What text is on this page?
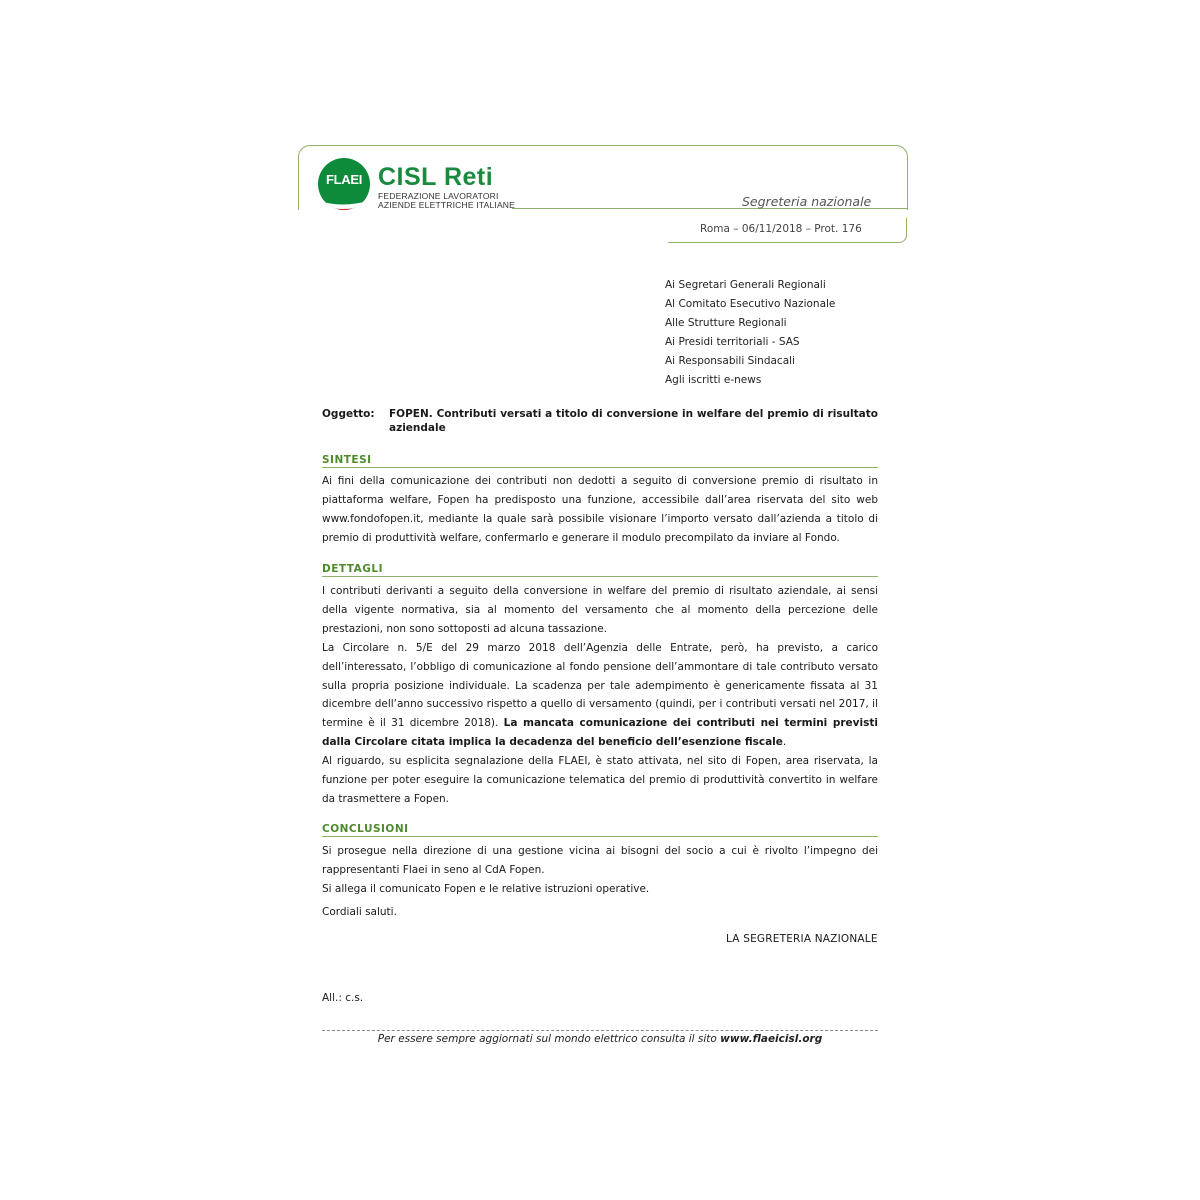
FLAEI CISL Reti
FEDERAZIONE LAVORATORI
AZIENDE ELETTRICHE ITALIANE	Segreteria nazionale
Roma – 06/11/2018 – Prot. 176
Ai Segretari Generali Regionali
Al Comitato Esecutivo Nazionale
Alle Strutture Regionali
Ai Presidi territoriali - SAS
Ai Responsabili Sindacali
Agli iscritti e-news
Oggetto: FOPEN. Contributi versati a titolo di conversione in welfare del premio di risultato aziendale
SINTESI

Ai fini della comunicazione dei contributi non dedotti a seguito di conversione premio di risultato in piattaforma welfare, Fopen ha predisposto una funzione, accessibile dall’area riservata del sito web www.fondofopen.it, mediante la quale sarà possibile visionare l’importo versato dall’azienda a titolo di premio di produttività welfare, confermarlo e generare il modulo precompilato da inviare al Fondo.

DETTAGLI

I contributi derivanti a seguito della conversione in welfare del premio di risultato aziendale, ai sensi della vigente normativa, sia al momento del versamento che al momento della percezione delle prestazioni, non sono sottoposti ad alcuna tassazione.

La Circolare n. 5/E del 29 marzo 2018 dell’Agenzia delle Entrate, però, ha previsto, a carico dell’interessato, l’obbligo di comunicazione al fondo pensione dell’ammontare di tale contributo versato sulla propria posizione individuale. La scadenza per tale adempimento è genericamente fissata al 31 dicembre dell’anno successivo rispetto a quello di versamento (quindi, per i contributi versati nel 2017, il termine è il 31 dicembre 2018). La mancata comunicazione dei contributi nei termini previsti dalla Circolare citata implica la decadenza del beneficio dell’esenzione fiscale.

Al riguardo, su esplicita segnalazione della FLAEI, è stato attivata, nel sito di Fopen, area riservata, la funzione per poter eseguire la comunicazione telematica del premio di produttività convertito in welfare da trasmettere a Fopen.

CONCLUSIONI

Si prosegue nella direzione di una gestione vicina ai bisogni del socio a cui è rivolto l’impegno dei rappresentanti Flaei in seno al CdA Fopen.

Si allega il comunicato Fopen e le relative istruzioni operative.

Cordiali saluti.
LA SEGRETERIA NAZIONALE
All.: c.s.
Per essere sempre aggiornati sul mondo elettrico consulta il sito www.flaeicisl.org
